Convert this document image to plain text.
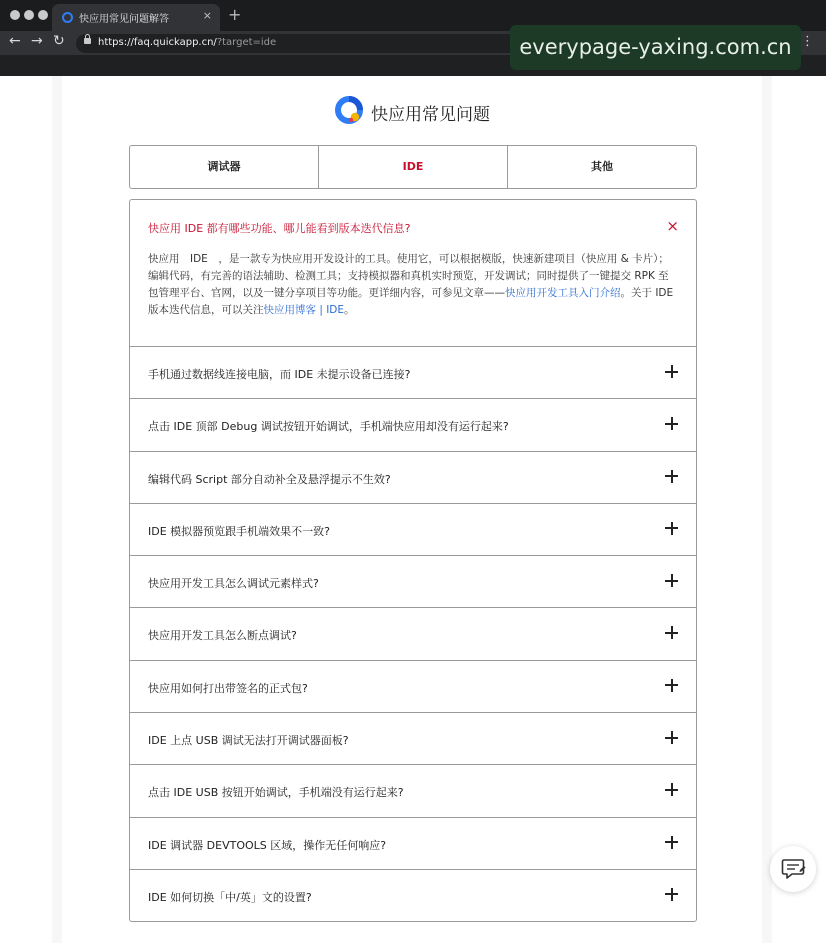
快应用常见问题解答	× +
← → ↻	https://faq.quickapp.cn/?target=ide	⋮
everypage-yaxing.com.cn
快应用常见问题
调试器	IDE	其他
快应用 IDE 都有哪些功能、哪儿能看到版本迭代信息?	×

快应用　IDE　，是一款专为快应用开发设计的工具。使用它，可以根据模版，快速新建项目（快应用 & 卡片）；编辑代码，有完善的语法辅助、检测工具；支持模拟器和真机实时预览，开发调试；同时提供了一键提交 RPK 至包管理平台、官网，以及一键分享项目等功能。更详细内容，可参见文章——快应用开发工具入门介绍。关于 IDE 版本迭代信息，可以关注快应用博客 | IDE。

手机通过数据线连接电脑，而 IDE 未提示设备已连接?
点击 IDE 顶部 Debug 调试按钮开始调试，手机端快应用却没有运行起来?
编辑代码 Script 部分自动补全及悬浮提示不生效?
IDE 模拟器预览跟手机端效果不一致?
快应用开发工具怎么调试元素样式?
快应用开发工具怎么断点调试?
快应用如何打出带签名的正式包?
IDE 上点 USB 调试无法打开调试器面板?
点击 IDE USB 按钮开始调试，手机端没有运行起来?
IDE 调试器 DEVTOOLS 区域，操作无任何响应?
IDE 如何切换「中/英」文的设置?
